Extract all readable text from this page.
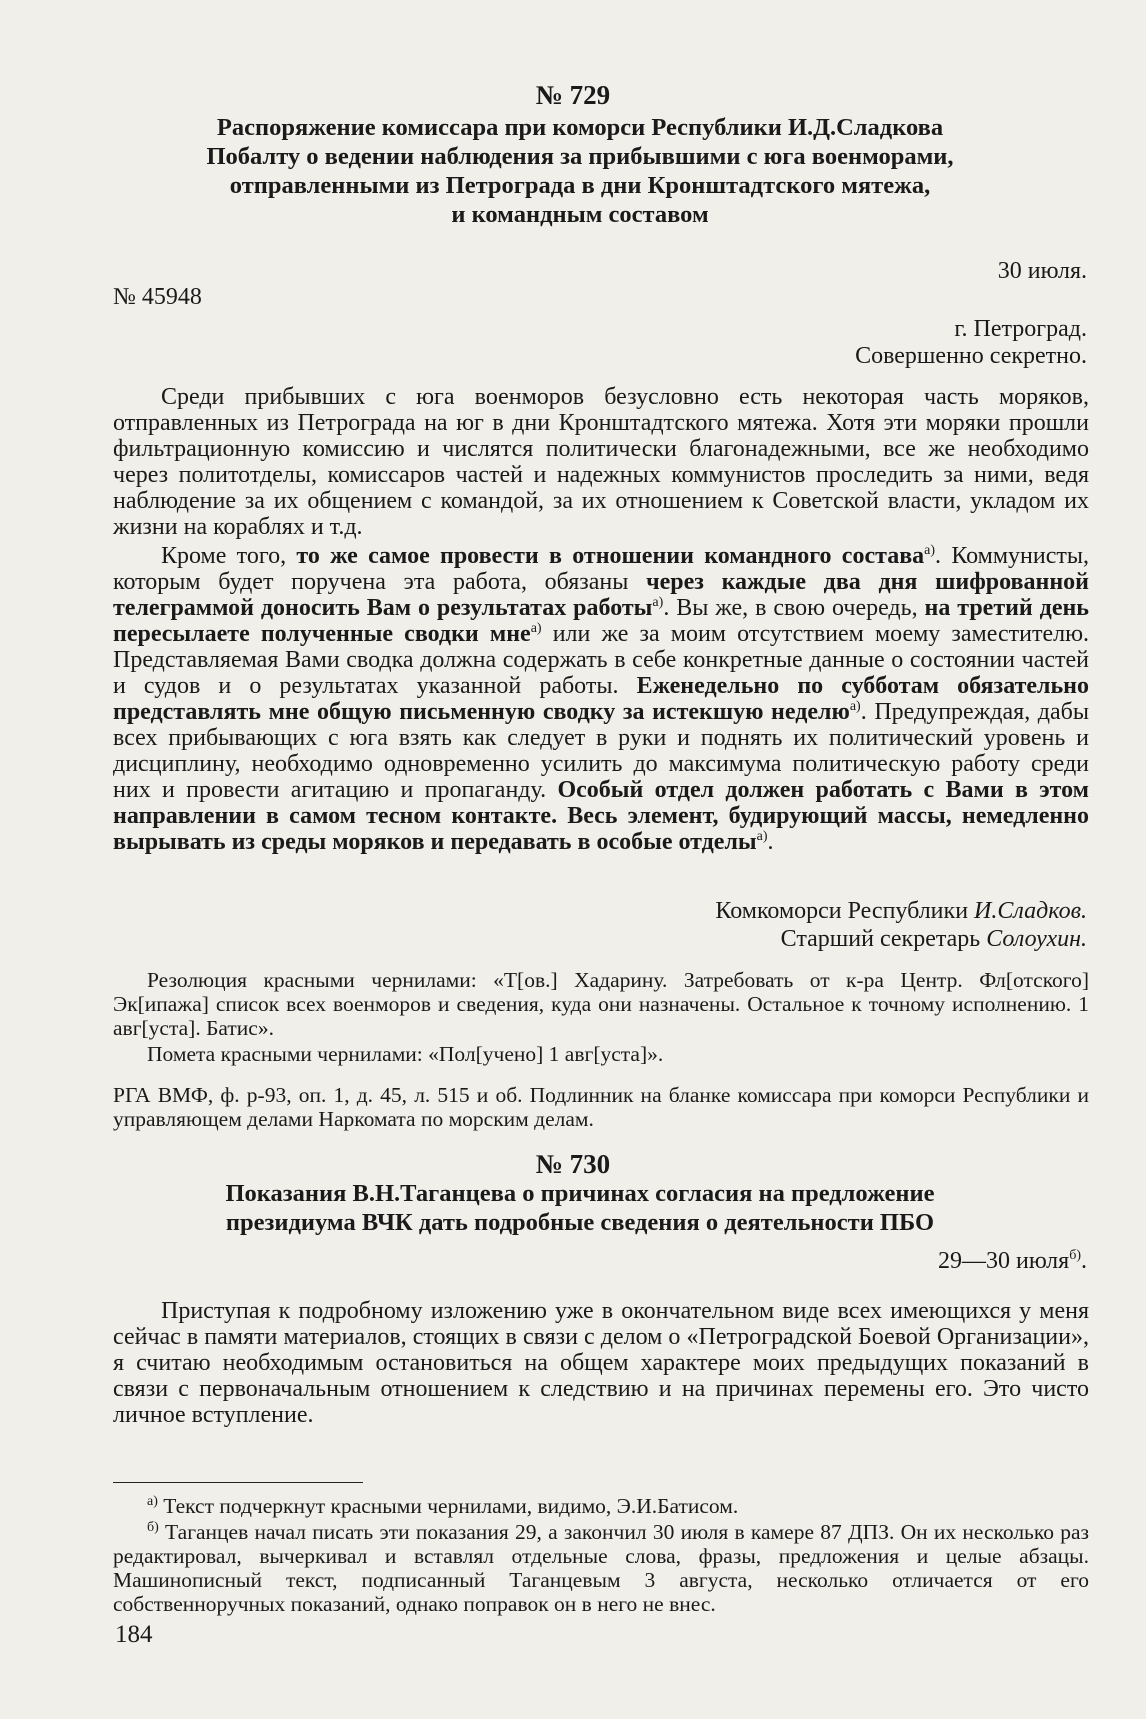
№ 729
Распоряжение комиссара при коморси Республики И.Д.Сладкова
Побалту о ведении наблюдения за прибывшими с юга военморами,
отправленными из Петрограда в дни Кронштадтского мятежа,
и командным составом
30 июля.
№ 45948
г. Петроград.
Совершенно секретно.
Среди прибывших с юга военморов безусловно есть некоторая часть моряков, отправленных из Петрограда на юг в дни Кронштадтского мятежа. Хотя эти моряки прошли фильтрационную комиссию и числятся политически благонадежными, все же необходимо через политотделы, комиссаров частей и надежных коммунистов проследить за ними, ведя наблюдение за их общением с командой, за их отношением к Советской власти, укладом их жизни на кораблях и т.д.
Кроме того, то же самое провести в отношении командного состава$^{а)}$. Коммунисты, которым будет поручена эта работа, обязаны через каждые два дня шифрованной телеграммой доносить Вам о результатах работы$^{а)}$. Вы же, в свою очередь, на третий день пересылаете полученные сводки мне$^{а)}$ или же за моим отсутствием моему заместителю. Представляемая Вами сводка должна содержать в себе конкретные данные о состоянии частей и судов и о результатах указанной работы. Еженедельно по субботам обязательно представлять мне общую письменную сводку за истекшую неделю$^{а)}$. Предупреждая, дабы всех прибывающих с юга взять как следует в руки и поднять их политический уровень и дисциплину, необходимо одновременно усилить до максимума политическую работу среди них и провести агитацию и пропаганду. Особый отдел должен работать с Вами в этом направлении в самом тесном контакте. Весь элемент, будирующий массы, немедленно вырывать из среды моряков и передавать в особые отделы$^{а)}$.
Комкоморси Республики И.Сладков.
Старший секретарь Солоухин.
Резолюция красными чернилами: «Т[ов.] Хадарину. Затребовать от к-ра Центр. Фл[отского] Эк[ипажа] список всех военморов и сведения, куда они назначены. Остальное к точному исполнению. 1 авг[уста]. Батис».
Помета красными чернилами: «Пол[учено] 1 авг[уста]».
РГА ВМФ, ф. р-93, оп. 1, д. 45, л. 515 и об. Подлинник на бланке комиссара при коморси Республики и управляющем делами Наркомата по морским делам.
№ 730
Показания В.Н.Таганцева о причинах согласия на предложение
президиума ВЧК дать подробные сведения о деятельности ПБО
29—30 июля$^{б)}$.
Приступая к подробному изложению уже в окончательном виде всех имеющихся у меня сейчас в памяти материалов, стоящих в связи с делом о «Петроградской Боевой Организации», я считаю необходимым остановиться на общем характере моих предыдущих показаний в связи с первоначальным отношением к следствию и на причинах перемены его. Это чисто личное вступление.
$^{а)}$ Текст подчеркнут красными чернилами, видимо, Э.И.Батисом.
$^{б)}$ Таганцев начал писать эти показания 29, а закончил 30 июля в камере 87 ДПЗ. Он их несколько раз редактировал, вычеркивал и вставлял отдельные слова, фразы, предложения и целые абзацы. Машинописный текст, подписанный Таганцевым 3 августа, несколько отличается от его собственноручных показаний, однако поправок он в него не внес.
184
